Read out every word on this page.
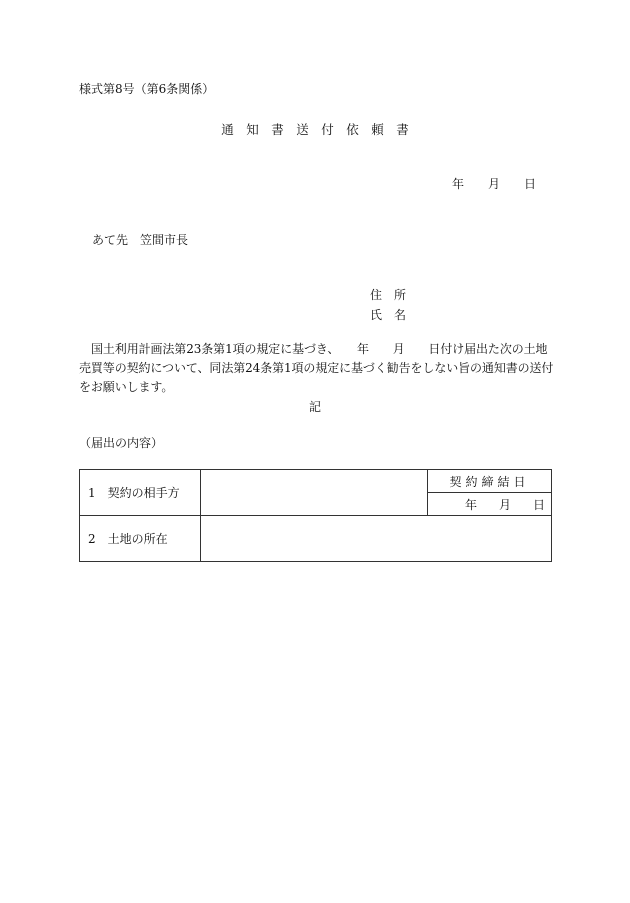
様式第8号（第6条関係）
通　知　書　送　付　依　頼　書
年　　月　　日
あて先　笠間市長
住　所
氏　名
国土利用計画法第23条第1項の規定に基づき、　　年　　月　　日付け届出た次の土地売買等の契約について、同法第24条第1項の規定に基づく勧告をしない旨の通知書の送付をお願いします。
記
（届出の内容）
1　契約の相手方		契約締結日

		年 月 日

2　土地の所在		
